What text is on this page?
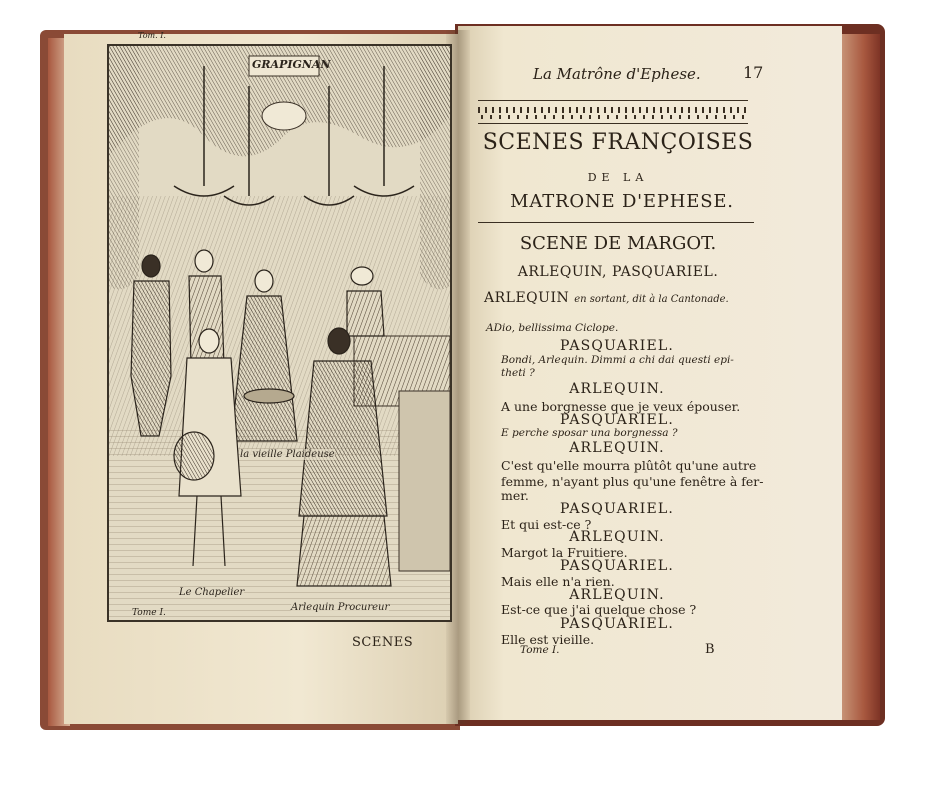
GRAPIGNAN
la vieille Plaideuse
Le Chapelier
Arlequin Procureur
Tom. I.
Tome I.
SCENES
La Matrône d'Ephese.	17
SCENES FRANÇOISES
DE LA
MATRONE D'EPHESE.
SCENE DE MARGOT.
ARLEQUIN, PASQUARIEL.
ARLEQUIN en sortant, dit à la Cantonade.
ADio, bellissima Ciclope.
PASQUARIEL.
Bondi, Arlequin. Dimmi a chi dai questi epi-
theti ?
ARLEQUIN.
A une borgnesse que je veux épouser.
PASQUARIEL.
E perche sposar una borgnessa ?
ARLEQUIN.
C'est qu'elle mourra plûtôt qu'une autre
femme, n'ayant plus qu'une fenêtre à fer-
mer.
PASQUARIEL.
Et qui est-ce ?
ARLEQUIN.
Margot la Fruitiere.
PASQUARIEL.
Mais elle n'a rien.
ARLEQUIN.
Est-ce que j'ai quelque chose ?
PASQUARIEL.
Elle est vieille.
Tome I.	B
